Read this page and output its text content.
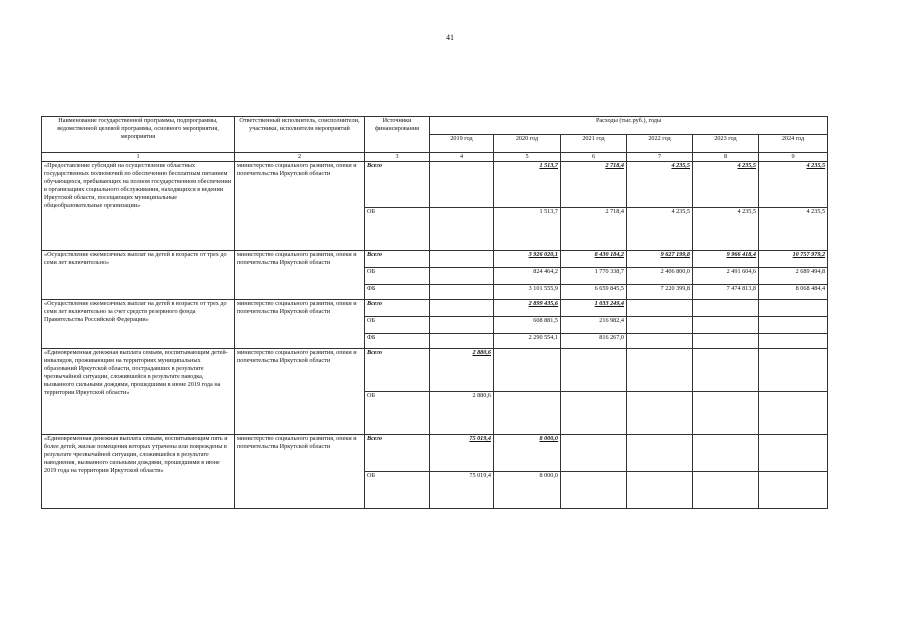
41
Наименование государственной программы, подпрограммы, ведомственной целевой программы, основного мероприятия, мероприятия	Ответственный исполнитель, соисполнители, участники, исполнители мероприятий	Источники финансирования	Расходы (тыс.руб.), годы					
			2019 год	2020 год	2021 год	2022 год	2023 год	2024 год
1	2	3	4	5	6	7	8	9
«Предоставление субсидий на осуществление областных государственных полномочий по обеспечению бесплатным питанием обучающихся, пребывающих на полном государственном обеспечении в организациях социального обслуживания, находящихся в ведении Иркутской области, посещающих муниципальные общеобразовательные организации»	министерство социального развития, опеки и попечительства Иркутской области	Всего		1 513,7	2 718,4	4 235,5	4 235,5	4 235,5
		ОБ		1 513,7	2 718,4	4 235,5	4 235,5	4 235,5
«Осуществление ежемесячных выплат на детей в возрасте от трех до семи лет включительно»	министерство социального развития, опеки и попечительства Иркутской области	Всего		3 926 020,1	8 430 184,2	9 627 199,8	9 966 418,4	10 757 979,2
		ОБ		824 464,2	1 770 338,7	2 406 800,0	2 491 604,6	2 689 494,8
		ФБ		3 101 555,9	6 659 845,5	7 220 399,8	7 474 813,8	8 068 484,4
«Осуществление ежемесячных выплат на детей в возрасте от трех до семи лет включительно за счет средств резервного фонда Правительства Российской Федерации»	министерство социального развития, опеки и попечительства Иркутской области	Всего		2 899 435,6	1 033 249,4			
		ОБ		608 881,5	216 982,4			
		ФБ		2 290 554,1	816 267,0			
«Единовременная денежная выплата семьям, воспитывающим детей-инвалидов, проживающим на территориях муниципальных образований Иркутской области, пострадавших в результате чрезвычайной ситуации, сложившейся в результате паводка, вызванного сильными дождями, прошедшими в июне 2019 года на территории Иркутской области»	министерство социального развития, опеки и попечительства Иркутской области	Всего	2 880,6					
		ОБ	2 880,6					
«Единовременная денежная выплата семьям, воспитывающим пять и более детей, жилые помещения которых утрачены или повреждены в результате чрезвычайной ситуации, сложившейся в результате наводнения, вызванного сильными дождями, прошедшими в июне 2019 года на территории Иркутской области»	министерство социального развития, опеки и попечительства Иркутской области	Всего	75 019,4	8 000,0				
		ОБ	75 019,4	8 000,0				
